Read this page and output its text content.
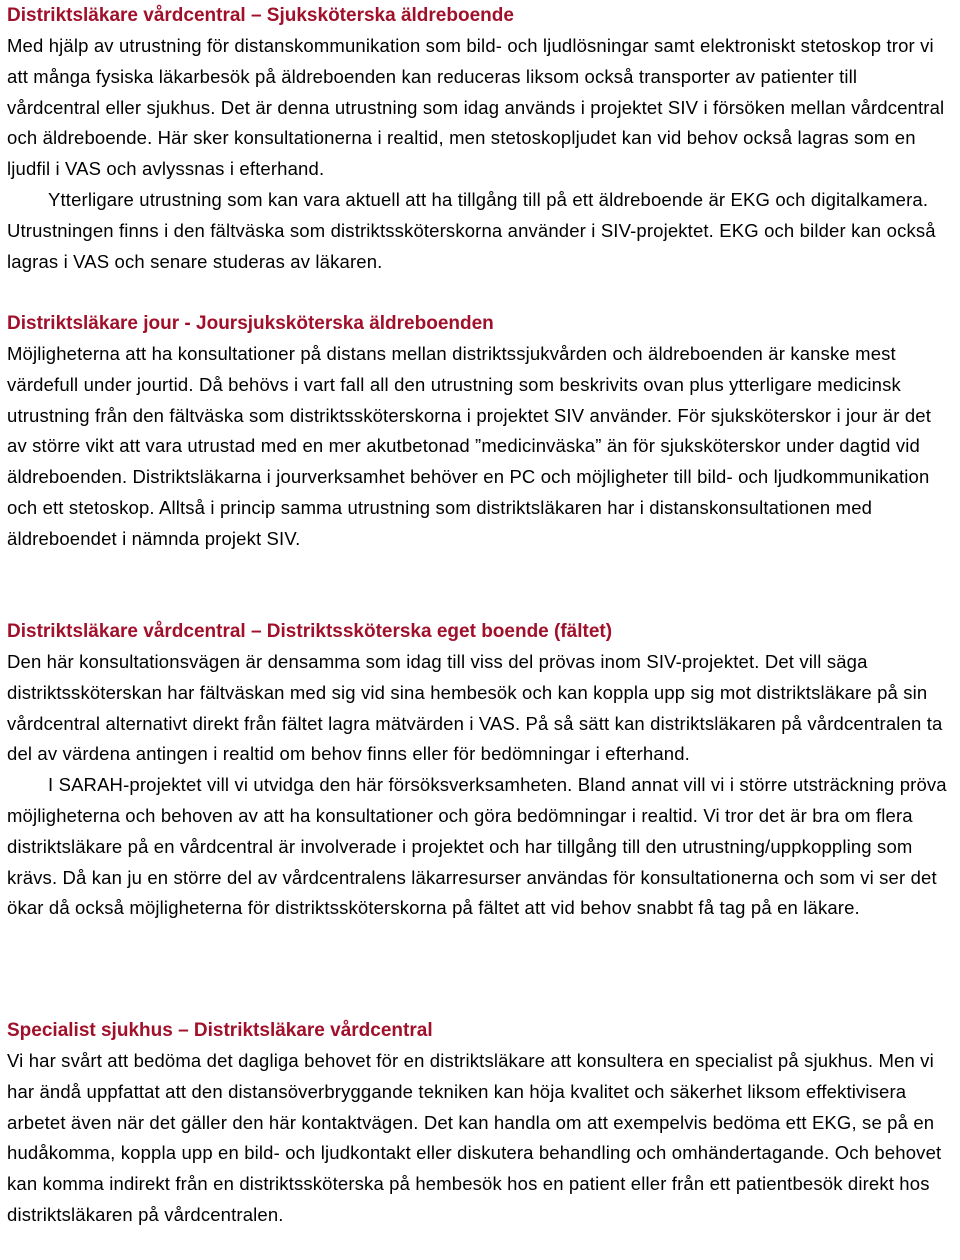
Distriktsläkare vårdcentral – Sjuksköterska äldreboende

Med hjälp av utrustning för distanskommunikation som bild- och ljudlösningar samt elektroniskt stetoskop tror vi att många fysiska läkarbesök på äldreboenden kan reduceras liksom också transporter av patienter till vårdcentral eller sjukhus. Det är denna utrustning som idag används i projektet SIV i försöken mellan vårdcentral och äldreboende. Här sker konsultationerna i realtid, men stetoskopljudet kan vid behov också lagras som en ljudfil i VAS och avlyssnas i efterhand.

Ytterligare utrustning som kan vara aktuell att ha tillgång till på ett äldreboende är EKG och digitalkamera. Utrustningen finns i den fältväska som distriktssköterskorna använder i SIV-projektet. EKG och bilder kan också lagras i VAS och senare studeras av läkaren.

Distriktsläkare jour - Joursjuksköterska äldreboenden

Möjligheterna att ha konsultationer på distans mellan distriktssjukvården och äldreboenden är kanske mest värdefull under jourtid. Då behövs i vart fall all den utrustning som beskrivits ovan plus ytterligare medicinsk utrustning från den fältväska som distriktssköterskorna i projektet SIV använder. För sjuksköterskor i jour är det av större vikt att vara utrustad med en mer akutbetonad ”medicinväska” än för sjuksköterskor under dagtid vid äldreboenden. Distriktsläkarna i jourverksamhet behöver en PC och möjligheter till bild- och ljudkommunikation och ett stetoskop. Alltså i princip samma utrustning som distriktsläkaren har i distanskonsultationen med äldreboendet i nämnda projekt SIV.

Distriktsläkare vårdcentral – Distriktssköterska eget boende (fältet)

Den här konsultationsvägen är densamma som idag till viss del prövas inom SIV-projektet. Det vill säga distriktssköterskan har fältväskan med sig vid sina hembesök och kan koppla upp sig mot distriktsläkare på sin vårdcentral alternativt direkt från fältet lagra mätvärden i VAS. På så sätt kan distriktsläkaren på vårdcentralen ta del av värdena antingen i realtid om behov finns eller för bedömningar i efterhand.

I SARAH-projektet vill vi utvidga den här försöksverksamheten. Bland annat vill vi i större utsträckning pröva möjligheterna och behoven av att ha konsultationer och göra bedömningar i realtid. Vi tror det är bra om flera distriktsläkare på en vårdcentral är involverade i projektet och har tillgång till den utrustning/uppkoppling som krävs. Då kan ju en större del av vårdcentralens läkarresurser användas för konsultationerna och som vi ser det ökar då också möjligheterna för distriktssköterskorna på fältet att vid behov snabbt få tag på en läkare.

Specialist sjukhus – Distriktsläkare vårdcentral

Vi har svårt att bedöma det dagliga behovet för en distriktsläkare att konsultera en specialist på sjukhus. Men vi har ändå uppfattat att den distansöverbryggande tekniken kan höja kvalitet och säkerhet liksom effektivisera arbetet även när det gäller den här kontaktvägen. Det kan handla om att exempelvis bedöma ett EKG, se på en hudåkomma, koppla upp en bild- och ljudkontakt eller diskutera behandling och omhändertagande. Och behovet kan komma indirekt från en distriktssköterska på hembesök hos en patient eller från ett patientbesök direkt hos distriktsläkaren på vårdcentralen.
